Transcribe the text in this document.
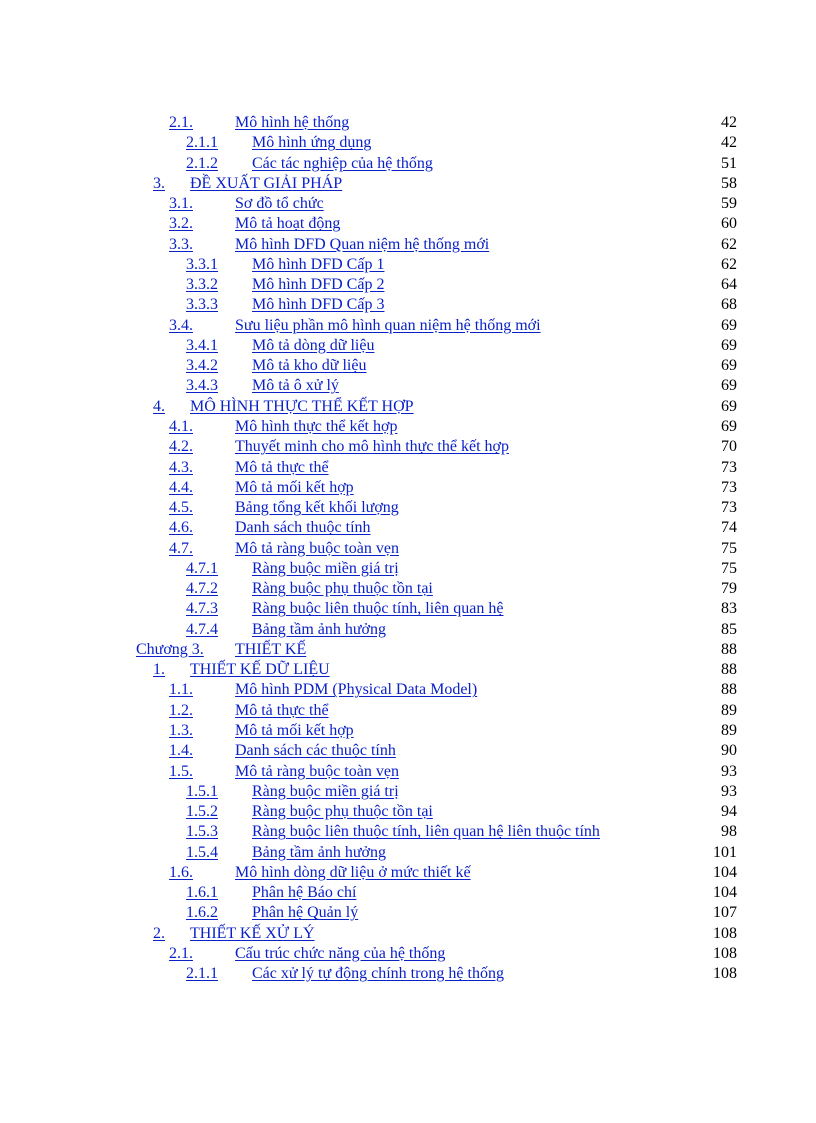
2.1.	Mô hình hệ thống	42
2.1.1 Mô hình ứng dụng	42
2.1.2 Các tác nghiệp của hệ thống	51
3. ĐỀ XUẤT GIẢI PHÁP	58
3.1.	Sơ đồ tổ chức	59
3.2.	Mô tả hoạt động	60
3.3.	Mô hình DFD Quan niệm hệ thống mới	62
3.3.1 Mô hình DFD Cấp 1	62
3.3.2 Mô hình DFD Cấp 2	64
3.3.3 Mô hình DFD Cấp 3	68
3.4.	Sưu liệu phần mô hình quan niệm hệ thống mới	69
3.4.1 Mô tả dòng dữ liệu	69
3.4.2 Mô tả kho dữ liệu	69
3.4.3 Mô tả ô xử lý	69
4. MÔ HÌNH THỰC THỂ KẾT HỢP	69
4.1.	Mô hình thực thể kết hợp	69
4.2.	Thuyết minh cho mô hình thực thể kết hợp	70
4.3.	Mô tả thực thể	73
4.4.	Mô tả mối kết hợp	73
4.5.	Bảng tổng kết khối lượng	73
4.6.	Danh sách thuộc tính	74
4.7.	Mô tả ràng buộc toàn vẹn	75
4.7.1 Ràng buộc miền giá trị	75
4.7.2 Ràng buộc phụ thuộc tồn tại	79
4.7.3 Ràng buộc liên thuộc tính, liên quan hệ	83
4.7.4 Bảng tầm ảnh hưởng	85
Chương 3. THIẾT KẾ	88
1. THIẾT KẾ DỮ LIỆU	88
1.1.	Mô hình PDM (Physical Data Model)	88
1.2.	Mô tả thực thể	89
1.3.	Mô tả mối kết hợp	89
1.4.	Danh sách các thuộc tính	90
1.5.	Mô tả ràng buộc toàn vẹn	93
1.5.1 Ràng buộc miền giá trị	93
1.5.2 Ràng buộc phụ thuộc tồn tại	94
1.5.3 Ràng buộc liên thuộc tính, liên quan hệ liên thuộc tính	98
1.5.4 Bảng tầm ảnh hưởng	101
1.6.	Mô hình dòng dữ liệu ở mức thiết kế	104
1.6.1 Phân hệ Báo chí	104
1.6.2 Phân hệ Quản lý	107
2. THIẾT KẾ XỬ LÝ	108
2.1.	Cấu trúc chức năng của hệ thống	108
2.1.1 Các xử lý tự động chính trong hệ thống	108
